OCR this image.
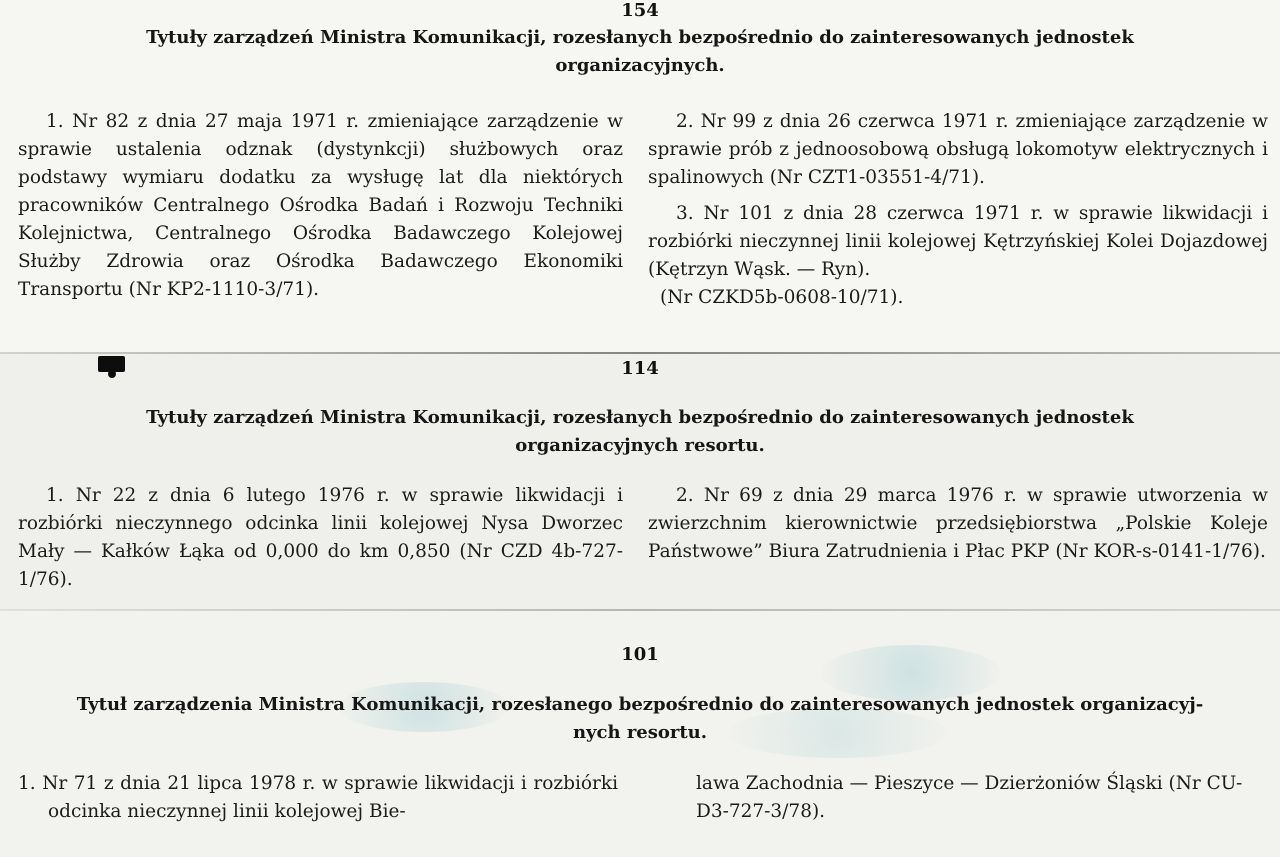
154
Tytuły zarządzeń Ministra Komunikacji, rozesłanych bezpośrednio do zainteresowanych jednostek
organizacyjnych.

1. Nr 82 z dnia 27 maja 1971 r. zmieniające zarządzenie w sprawie ustalenia odznak (dystynkcji) służbowych oraz podstawy wymiaru dodatku za wysługę lat dla niektórych pracowników Centralnego Ośrodka Badań i Rozwoju Techniki Kolejnictwa, Centralnego Ośrodka Badawczego Kolejowej Służby Zdrowia oraz Ośrodka Badawczego Ekonomiki Transportu (Nr KP2-1110-3/71).

2. Nr 99 z dnia 26 czerwca 1971 r. zmieniające zarządzenie w sprawie prób z jednoosobową obsługą lokomotyw elektrycznych i spalinowych (Nr CZT1-03551-4/71).

3. Nr 101 z dnia 28 czerwca 1971 r. w sprawie likwidacji i rozbiórki nieczynnej linii kolejowej Kętrzyńskiej Kolei Dojazdowej (Kętrzyn Wąsk. — Ryn).

(Nr CZKD5b-0608-10/71).

114
Tytuły zarządzeń Ministra Komunikacji, rozesłanych bezpośrednio do zainteresowanych jednostek
organizacyjnych resortu.

1. Nr 22 z dnia 6 lutego 1976 r. w sprawie likwidacji i rozbiórki nieczynnego odcinka linii kolejowej Nysa Dworzec Mały — Kałków Łąka od 0,000 do km 0,850 (Nr CZD 4b-727-1/76).

2. Nr 69 z dnia 29 marca 1976 r. w sprawie utworzenia w zwierzchnim kierownictwie przedsiębiorstwa „Polskie Koleje Państwowe” Biura Zatrudnienia i Płac PKP (Nr KOR-s-0141-1/76).

101
Tytuł zarządzenia Ministra Komunikacji, rozesłanego bezpośrednio do zainteresowanych jednostek organizacyj-
nych resortu.

1. Nr 71 z dnia 21 lipca 1978 r. w sprawie likwidacji i rozbiórki odcinka nieczynnej linii kolejowej Bie-

lawa Zachodnia — Pieszyce — Dzierżoniów Śląski (Nr CU-D3-727-3/78).
